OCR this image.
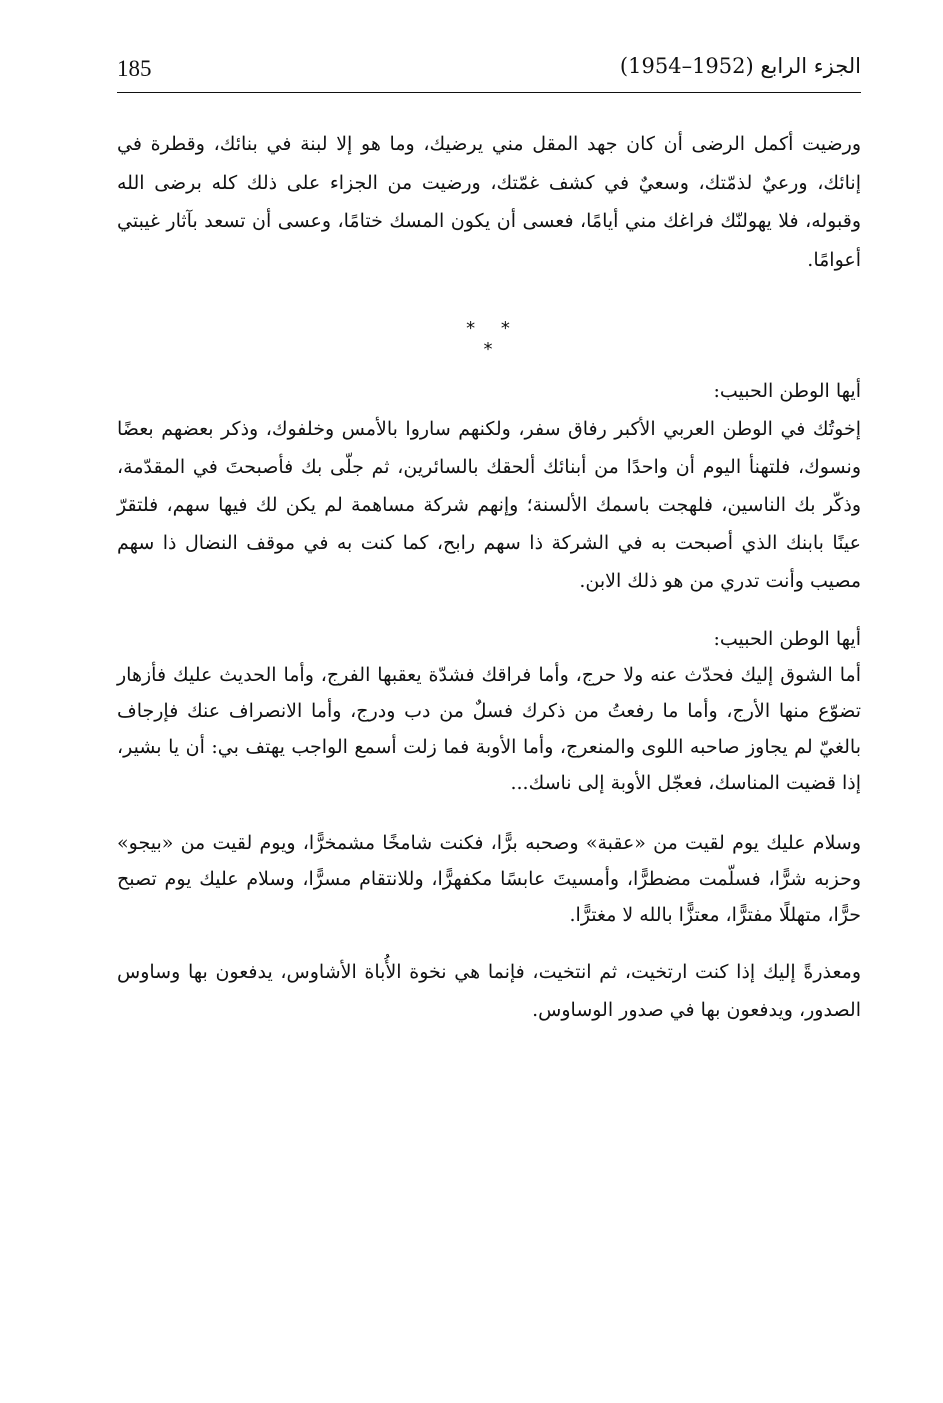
185	الجزء الرابع (1952–1954)

ورضيت أكمل الرضى أن كان جهد المقل مني يرضيك، وما هو إلا لبنة في بنائك، وقطرة في إنائك، ورعيٌ لذمّتك، وسعيٌ في كشف غمّتك، ورضيت من الجزاء على ذلك كله برضى الله وقبوله، فلا يهولنّك فراغك مني أيامًا، فعسى أن يكون المسك ختامًا، وعسى أن تسعد بآثار غيبتي أعوامًا.

* * *

أيها الوطن الحبيب:

إخوتُك في الوطن العربي الأكبر رفاق سفر، ولكنهم ساروا بالأمس وخلفوك، وذكر بعضهم بعضًا ونسوك، فلتهنأ اليوم أن واحدًا من أبنائك ألحقك بالسائرين، ثم جلّى بك فأصبحتَ في المقدّمة، وذكّر بك الناسين، فلهجت باسمك الألسنة؛ وإنهم شركة مساهمة لم يكن لك فيها سهم، فلتقرّ عينًا بابنك الذي أصبحت به في الشركة ذا سهم رابح، كما كنت به في موقف النضال ذا سهم مصيب وأنت تدري من هو ذلك الابن.

أيها الوطن الحبيب:

أما الشوق إليك فحدّث عنه ولا حرج، وأما فراقك فشدّة يعقبها الفرج، وأما الحديث عليك فأزهار تضوّع منها الأرج، وأما ما رفعتُ من ذكرك فسلٌ من دب ودرج، وأما الانصراف عنك فإرجاف بالغيّ لم يجاوز صاحبه اللوى والمنعرج، وأما الأوبة فما زلت أسمع الواجب يهتف بي: أن يا بشير، إذا قضيت المناسك، فعجّل الأوبة إلى ناسك...

وسلام عليك يوم لقيت من «عقبة» وصحبه برًّا، فكنت شامخًا مشمخرًّا، ويوم لقيت من «بيجو» وحزبه شرًّا، فسلّمت مضطرًّا، وأمسيتَ عابسًا مكفهرًّا، وللانتقام مسرًّا، وسلام عليك يوم تصبح حرًّا، متهللًا مفترًّا، معتزًّا بالله لا مغترًّا.

ومعذرةً إليك إذا كنت ارتخيت، ثم انتخيت، فإنما هي نخوة الأُباة الأشاوس، يدفعون بها وساوس الصدور، ويدفعون بها في صدور الوساوس.
